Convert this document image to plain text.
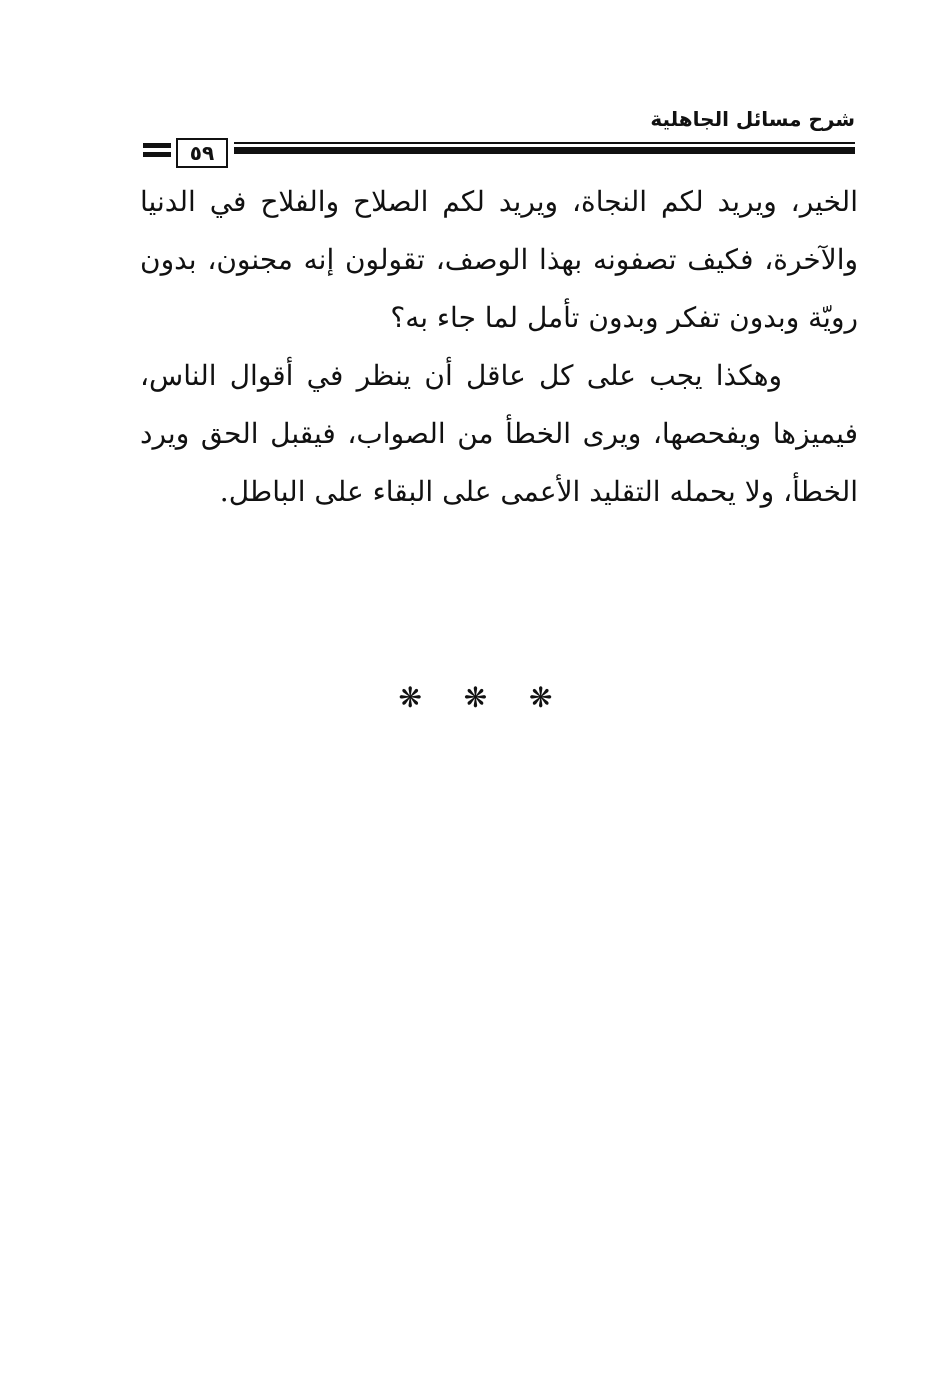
شرح مسائل الجاهلية
٥٩

الخير، ويريد لكم النجاة، ويريد لكم الصلاح والفلاح في الدنيا والآخرة، فكيف تصفونه بهذا الوصف، تقولون إنه مجنون، بدون رويّة وبدون تفكر وبدون تأمل لما جاء به؟

وهكذا يجب على كل عاقل أن ينظر في أقوال الناس، فيميزها ويفحصها، ويرى الخطأ من الصواب، فيقبل الحق ويرد الخطأ، ولا يحمله التقليد الأعمى على البقاء على الباطل.

❋ ❋ ❋
